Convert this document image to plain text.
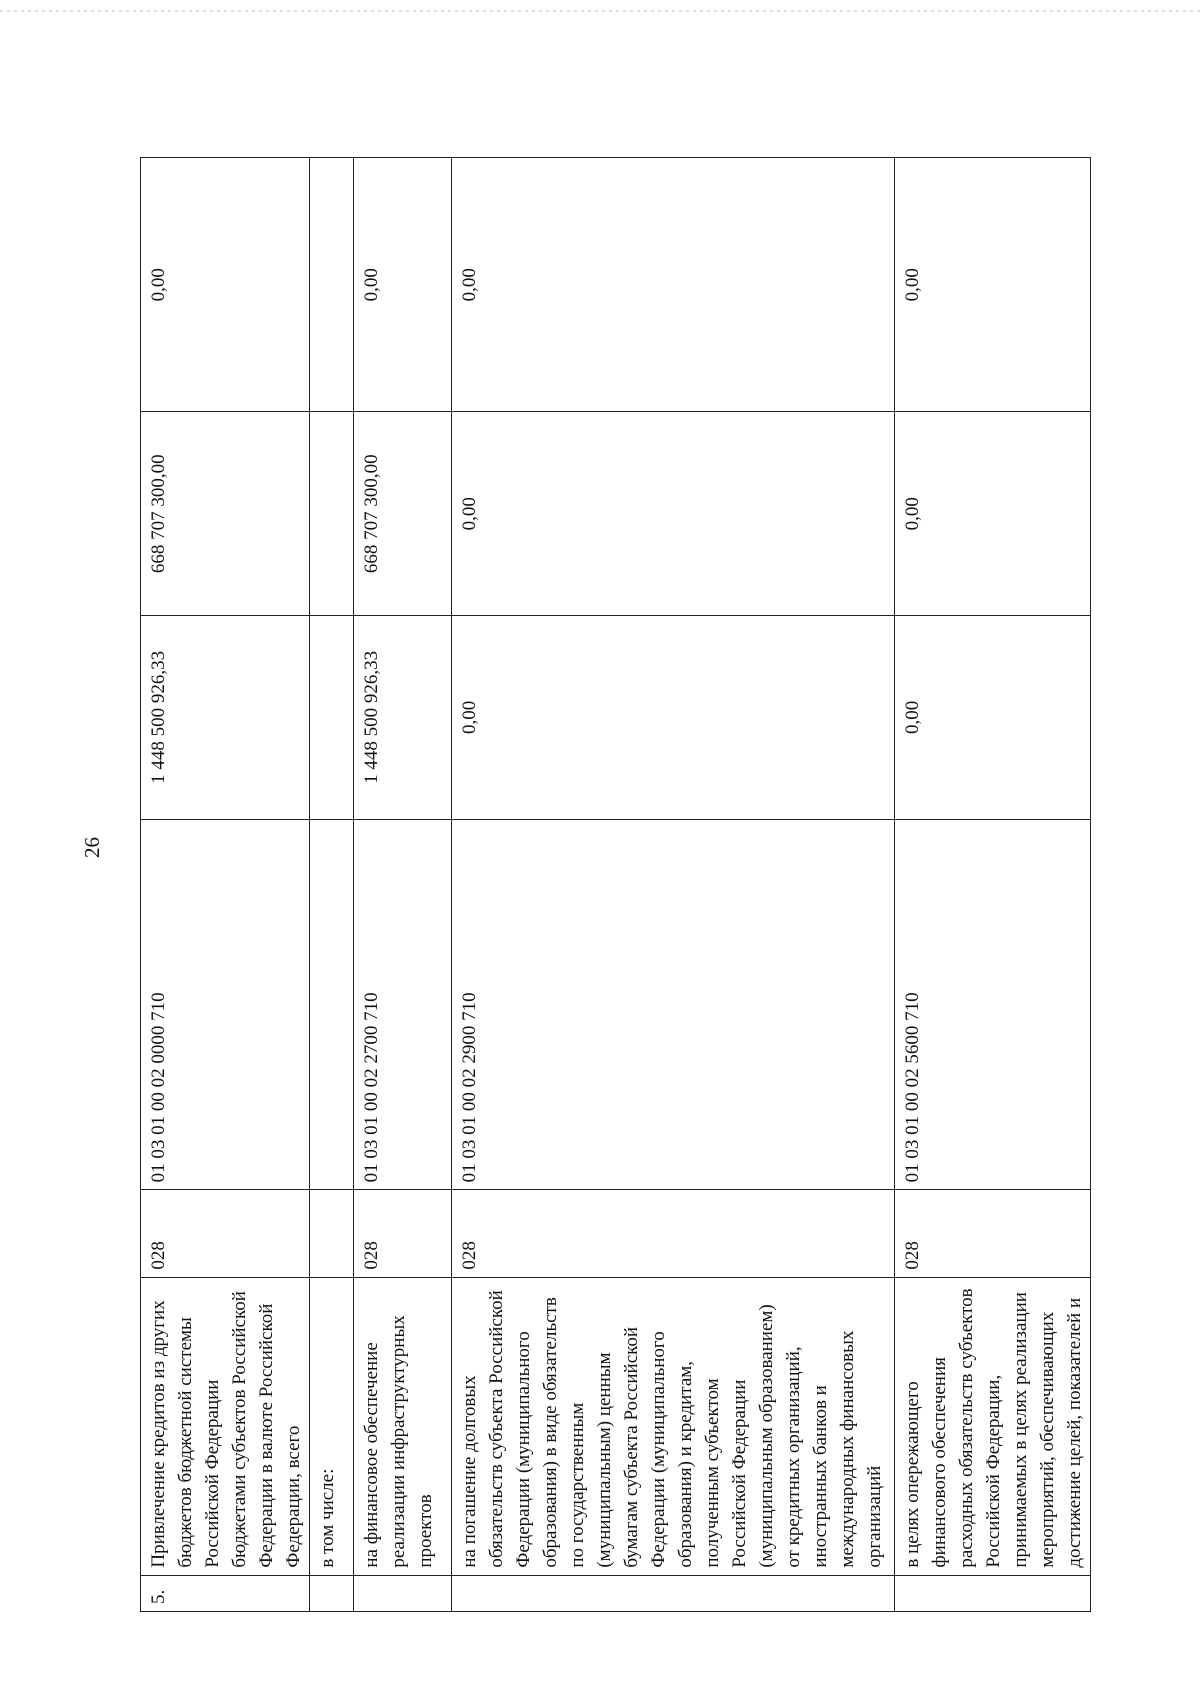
26
5.	Привлечение кредитов из других бюджетов бюджетной системы Российской Федерации бюджетами субъектов Российской Федерации в валюте Российской Федерации, всего	028	01 03 01 00 02 0000 710	1 448 500 926,33	668 707 300,00	0,00
	в том числе:					
	на финансовое обеспечение реализации инфраструктурных проектов	028	01 03 01 00 02 2700 710	1 448 500 926,33	668 707 300,00	0,00
	на погашение долговых обязательств субъекта Российской Федерации (муниципального образования) в виде обязательств по государственным (муниципальным) ценным бумагам субъекта Российской Федерации (муниципального образования) и кредитам, полученным субъектом Российской Федерации (муниципальным образованием) от кредитных организаций, иностранных банков и международных финансовых организаций	028	01 03 01 00 02 2900 710	0,00	0,00	0,00
	в целях опережающего финансового обеспечения расходных обязательств субъектов Российской Федерации, принимаемых в целях реализации мероприятий, обеспечивающих достижение целей, показателей и	028	01 03 01 00 02 5600 710	0,00	0,00	0,00
